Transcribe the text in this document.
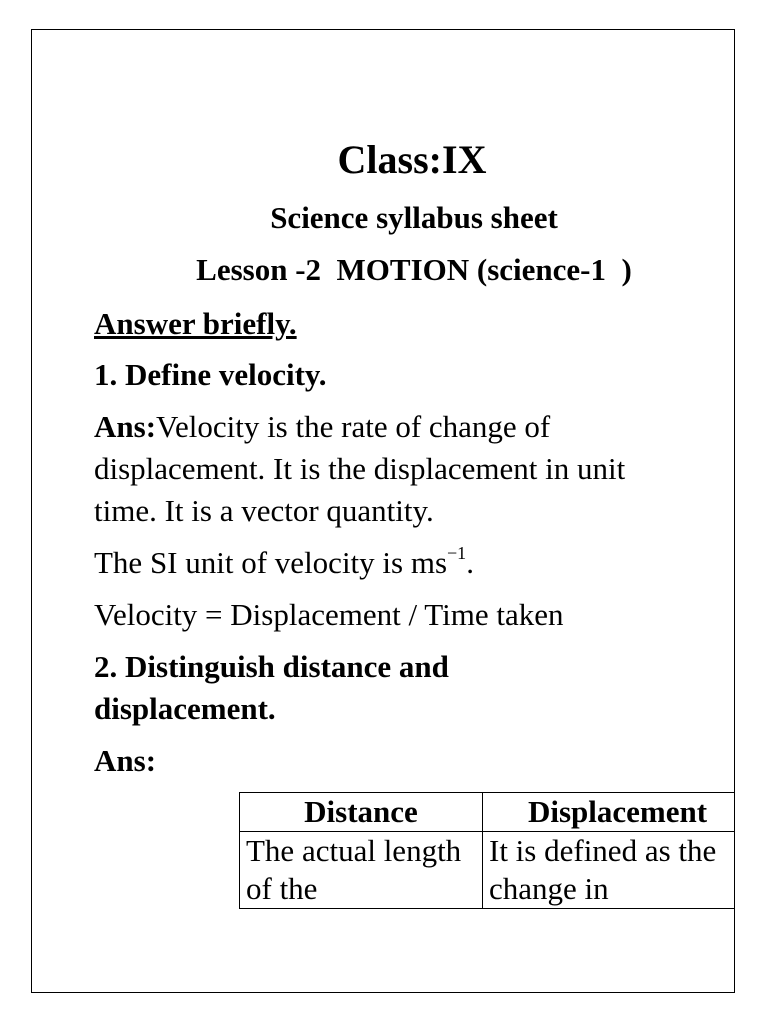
Class:IX
Science syllabus sheet
Lesson -2  MOTION (science-1  )
Answer briefly.
1. Define velocity.
Ans:Velocity is the rate of change of displacement. It is the displacement in unit time. It is a vector quantity.
The SI unit of velocity is $ms^{-1}$.
Velocity = Displacement / Time taken
2. Distinguish distance and displacement.
Ans:
Distance	Displacement

The actual length of the	It is defined as the change in
